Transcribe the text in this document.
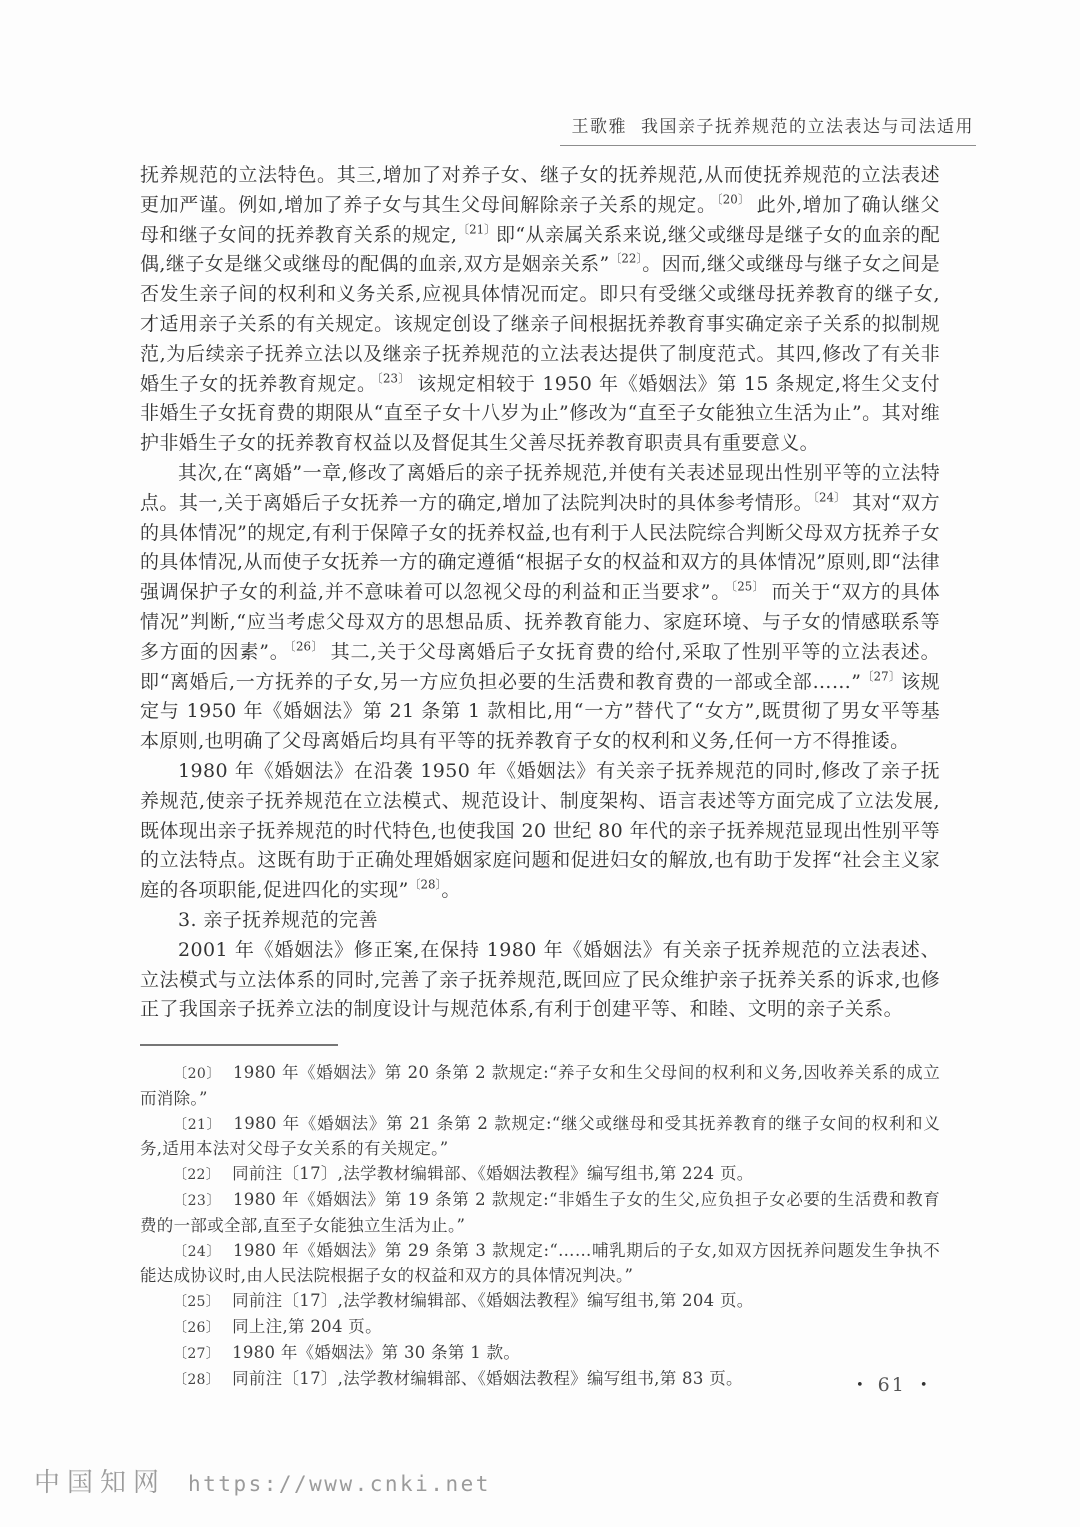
王歌雅 我国亲子抚养规范的立法表达与司法适用

抚养规范的立法特色。其三,增加了对养子女、继子女的抚养规范,从而使抚养规范的立法表述更加严谨。例如,增加了养子女与其生父母间解除亲子关系的规定。$^{〔20〕}$ 此外,增加了确认继父母和继子女间的抚养教育关系的规定,$^{〔21〕}$即“从亲属关系来说,继父或继母是继子女的血亲的配偶,继子女是继父或继母的配偶的血亲,双方是姻亲关系”$^{〔22〕}$。因而,继父或继母与继子女之间是否发生亲子间的权利和义务关系,应视具体情况而定。即只有受继父或继母抚养教育的继子女,才适用亲子关系的有关规定。该规定创设了继亲子间根据抚养教育事实确定亲子关系的拟制规范,为后续亲子抚养立法以及继亲子抚养规范的立法表达提供了制度范式。其四,修改了有关非婚生子女的抚养教育规定。$^{〔23〕}$ 该规定相较于 1950 年《婚姻法》第 15 条规定,将生父支付非婚生子女抚育费的期限从“直至子女十八岁为止”修改为“直至子女能独立生活为止”。其对维护非婚生子女的抚养教育权益以及督促其生父善尽抚养教育职责具有重要意义。

其次,在“离婚”一章,修改了离婚后的亲子抚养规范,并使有关表述显现出性别平等的立法特点。其一,关于离婚后子女抚养一方的确定,增加了法院判决时的具体参考情形。$^{〔24〕}$ 其对“双方的具体情况”的规定,有利于保障子女的抚养权益,也有利于人民法院综合判断父母双方抚养子女的具体情况,从而使子女抚养一方的确定遵循“根据子女的权益和双方的具体情况”原则,即“法律强调保护子女的利益,并不意味着可以忽视父母的利益和正当要求”。$^{〔25〕}$ 而关于“双方的具体情况”判断,“应当考虑父母双方的思想品质、抚养教育能力、家庭环境、与子女的情感联系等多方面的因素”。$^{〔26〕}$ 其二,关于父母离婚后子女抚育费的给付,采取了性别平等的立法表述。即“离婚后,一方抚养的子女,另一方应负担必要的生活费和教育费的一部或全部……”$^{〔27〕}$该规定与 1950 年《婚姻法》第 21 条第 1 款相比,用“一方”替代了“女方”,既贯彻了男女平等基本原则,也明确了父母离婚后均具有平等的抚养教育子女的权利和义务,任何一方不得推诿。

1980 年《婚姻法》在沿袭 1950 年《婚姻法》有关亲子抚养规范的同时,修改了亲子抚养规范,使亲子抚养规范在立法模式、规范设计、制度架构、语言表述等方面完成了立法发展,既体现出亲子抚养规范的时代特色,也使我国 20 世纪 80 年代的亲子抚养规范显现出性别平等的立法特点。这既有助于正确处理婚姻家庭问题和促进妇女的解放,也有助于发挥“社会主义家庭的各项职能,促进四化的实现”$^{〔28〕}$。

3. 亲子抚养规范的完善

2001 年《婚姻法》修正案,在保持 1980 年《婚姻法》有关亲子抚养规范的立法表述、立法模式与立法体系的同时,完善了亲子抚养规范,既回应了民众维护亲子抚养关系的诉求,也修正了我国亲子抚养立法的制度设计与规范体系,有利于创建平等、和睦、文明的亲子关系。

〔20〕 1980 年《婚姻法》第 20 条第 2 款规定:“养子女和生父母间的权利和义务,因收养关系的成立而消除。”

〔21〕 1980 年《婚姻法》第 21 条第 2 款规定:“继父或继母和受其抚养教育的继子女间的权利和义务,适用本法对父母子女关系的有关规定。”

〔22〕 同前注〔17〕,法学教材编辑部、《婚姻法教程》编写组书,第 224 页。

〔23〕 1980 年《婚姻法》第 19 条第 2 款规定:“非婚生子女的生父,应负担子女必要的生活费和教育费的一部或全部,直至子女能独立生活为止。”

〔24〕 1980 年《婚姻法》第 29 条第 3 款规定:“……哺乳期后的子女,如双方因抚养问题发生争执不能达成协议时,由人民法院根据子女的权益和双方的具体情况判决。”

〔25〕 同前注〔17〕,法学教材编辑部、《婚姻法教程》编写组书,第 204 页。

〔26〕 同上注,第 204 页。

〔27〕 1980 年《婚姻法》第 30 条第 1 款。

〔28〕 同前注〔17〕,法学教材编辑部、《婚姻法教程》编写组书,第 83 页。	• 61 •
中国知网 https://www.cnki.net
